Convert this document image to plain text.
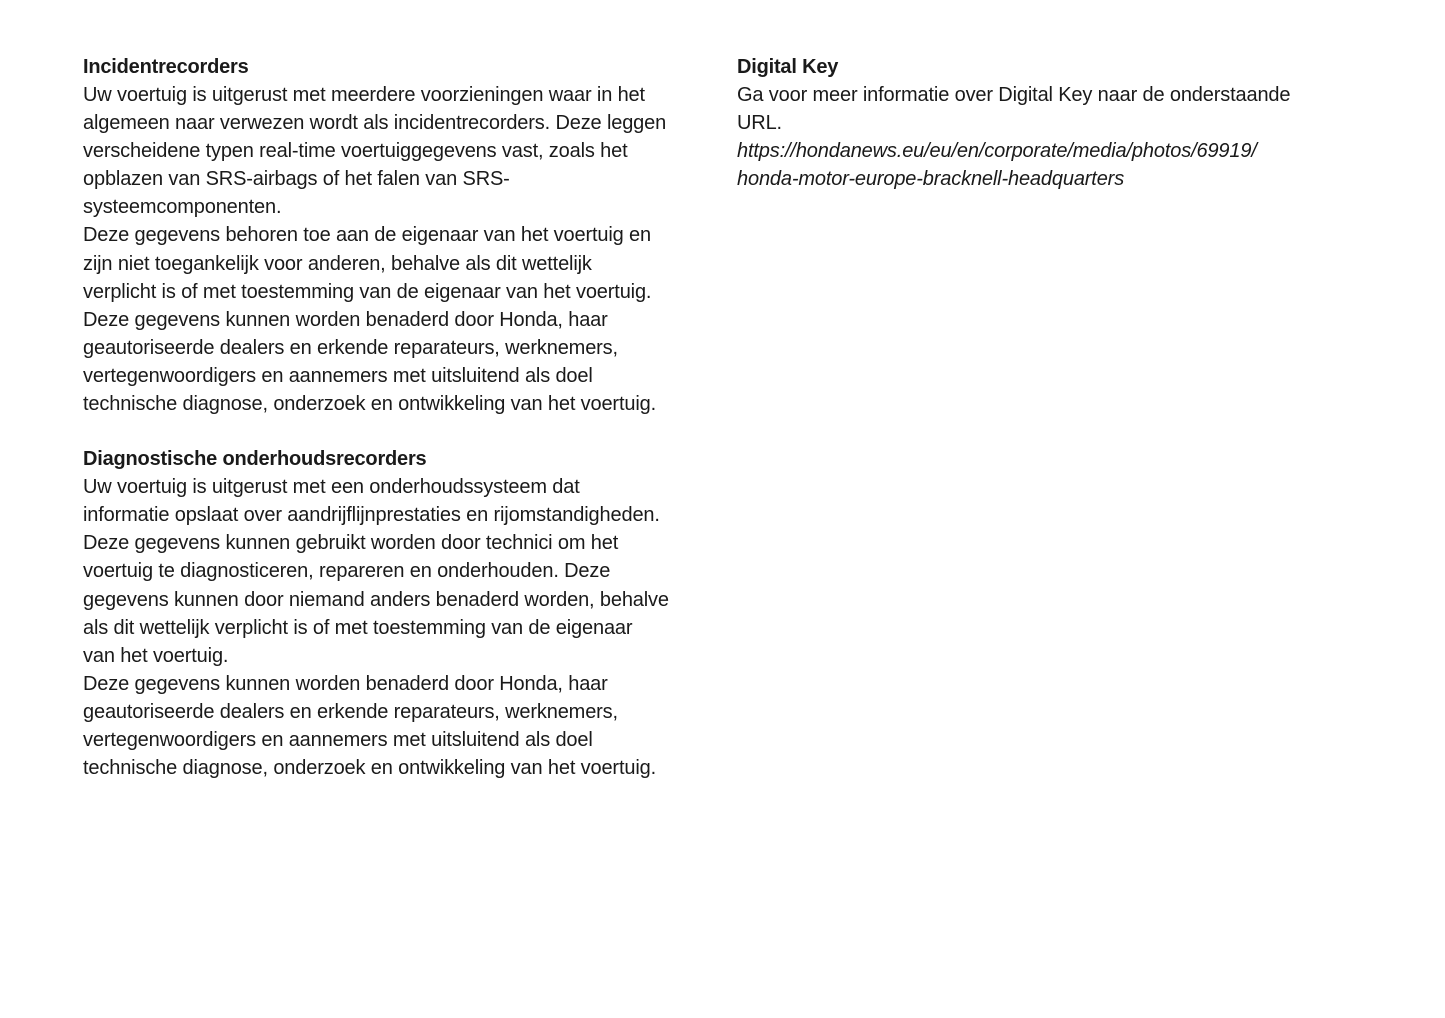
Incidentrecorders
Uw voertuig is uitgerust met meerdere voorzieningen waar in het
algemeen naar verwezen wordt als incidentrecorders. Deze leggen
verscheidene typen real-time voertuiggegevens vast, zoals het
opblazen van SRS-airbags of het falen van SRS-
systeemcomponenten.
Deze gegevens behoren toe aan de eigenaar van het voertuig en
zijn niet toegankelijk voor anderen, behalve als dit wettelijk
verplicht is of met toestemming van de eigenaar van het voertuig.
Deze gegevens kunnen worden benaderd door Honda, haar
geautoriseerde dealers en erkende reparateurs, werknemers,
vertegenwoordigers en aannemers met uitsluitend als doel
technische diagnose, onderzoek en ontwikkeling van het voertuig.
Diagnostische onderhoudsrecorders
Uw voertuig is uitgerust met een onderhoudssysteem dat
informatie opslaat over aandrijflijnprestaties en rijomstandigheden.
Deze gegevens kunnen gebruikt worden door technici om het
voertuig te diagnosticeren, repareren en onderhouden. Deze
gegevens kunnen door niemand anders benaderd worden, behalve
als dit wettelijk verplicht is of met toestemming van de eigenaar
van het voertuig.
Deze gegevens kunnen worden benaderd door Honda, haar
geautoriseerde dealers en erkende reparateurs, werknemers,
vertegenwoordigers en aannemers met uitsluitend als doel
technische diagnose, onderzoek en ontwikkeling van het voertuig.
Digital Key
Ga voor meer informatie over Digital Key naar de onderstaande
URL.
https://hondanews.eu/eu/en/corporate/media/photos/69919/
honda-motor-europe-bracknell-headquarters
